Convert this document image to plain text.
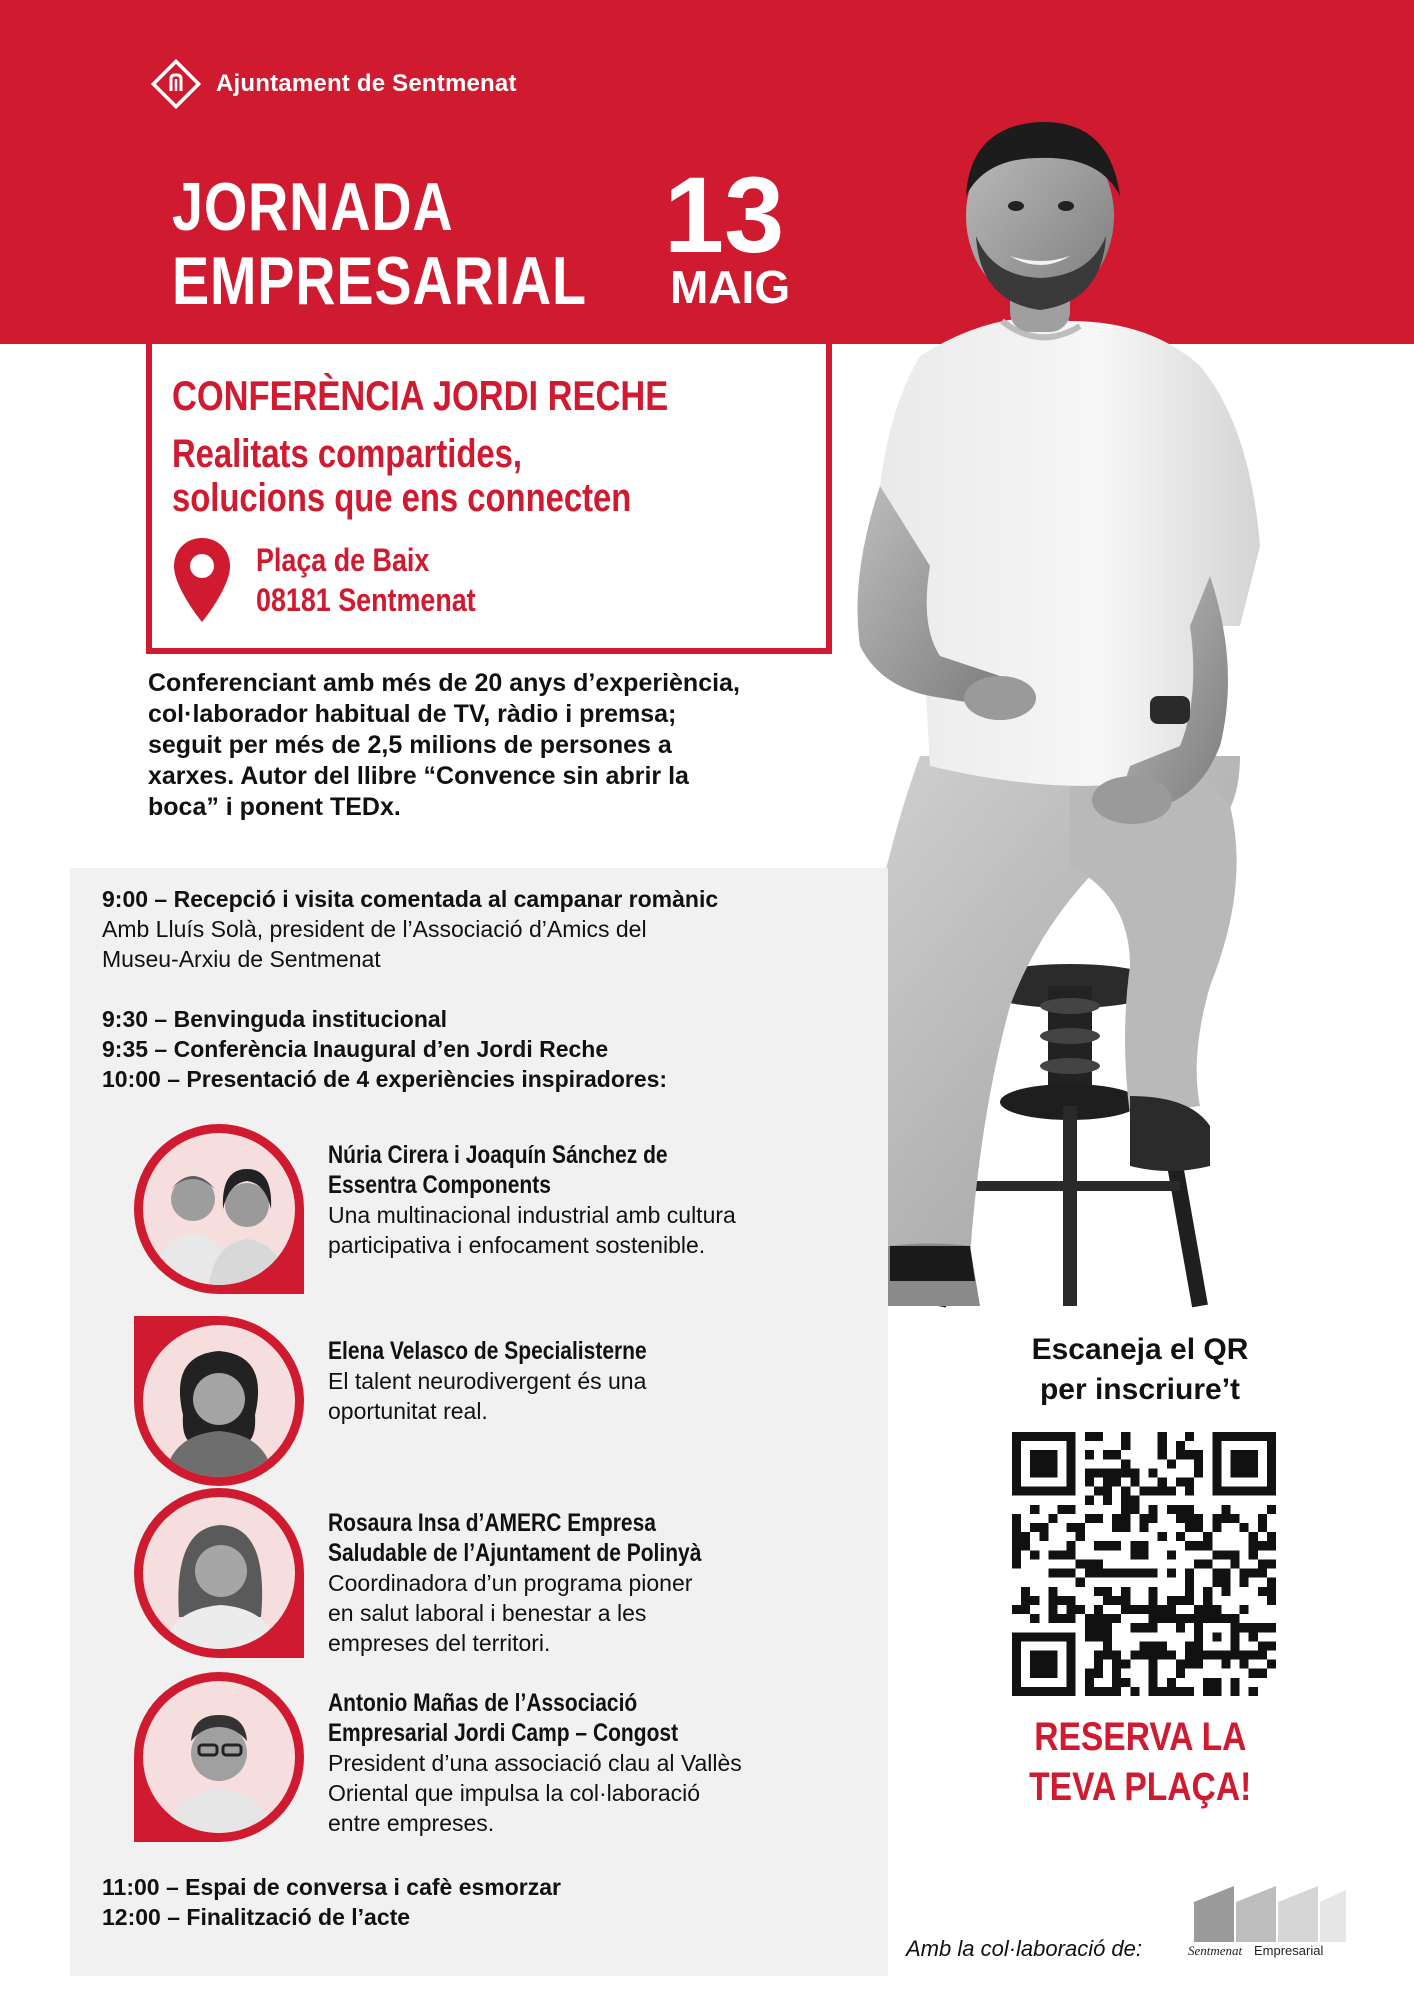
Ajuntament de Sentmenat
JORNADA
EMPRESARIAL
13
MAIG
CONFERÈNCIA JORDI RECHE
Realitats compartides,
solucions que ens connecten
Plaça de Baix
08181 Sentmenat
Conferenciant amb més de 20 anys d’experiència,
col·laborador habitual de TV, ràdio i premsa;
seguit per més de 2,5 milions de persones a
xarxes. Autor del llibre “Convence sin abrir la
boca” i ponent TEDx.
9:00 – Recepció i visita comentada al campanar romànic
Amb Lluís Solà, president de l’Associació d’Amics del
Museu-Arxiu de Sentmenat
9:30 – Benvinguda institucional
9:35 – Conferència Inaugural d’en Jordi Reche
10:00 – Presentació de 4 experiències inspiradores:
Núria Cirera i Joaquín Sánchez de
Essentra Components
Una multinacional industrial amb cultura
participativa i enfocament sostenible.
Elena Velasco de Specialisterne
El talent neurodivergent és una
oportunitat real.
Rosaura Insa d’AMERC Empresa
Saludable de l’Ajuntament de Polinyà
Coordinadora d’un programa pioner
en salut laboral i benestar a les
empreses del territori.
Antonio Mañas de l’Associació
Empresarial Jordi Camp – Congost
President d’una associació clau al Vallès
Oriental que impulsa la col·laboració
entre empreses.
11:00 – Espai de conversa i cafè esmorzar
12:00 – Finalització de l’acte
Escaneja el QR
per inscriure’t
RESERVA LA
TEVA PLAÇA!
Amb la col·laboració de:	Sentmenat Empresarial
